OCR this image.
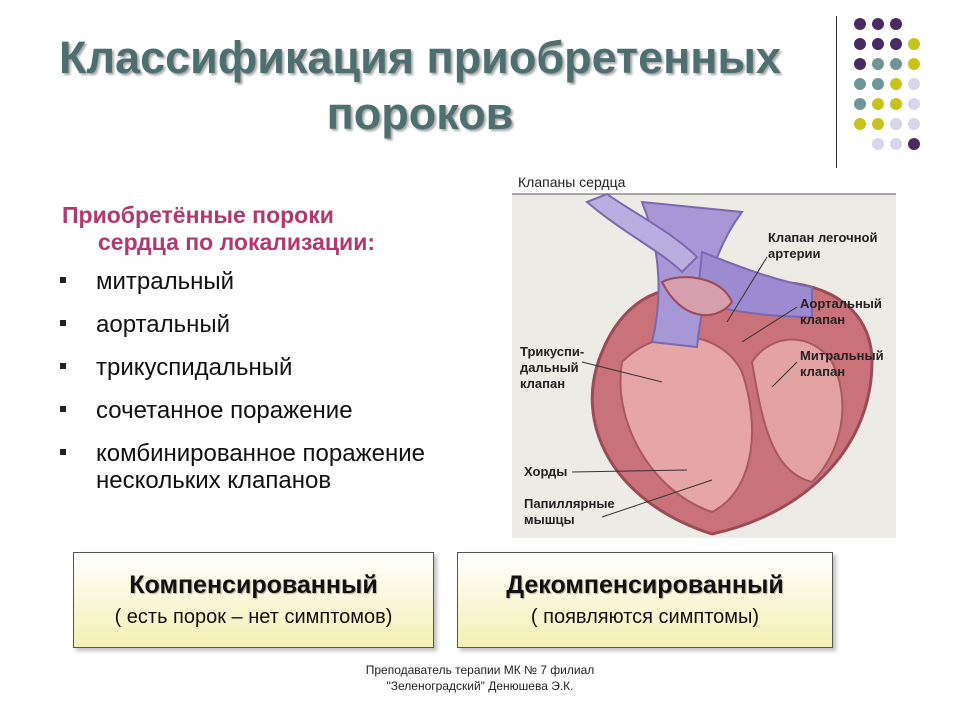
Классификация приобретенных
пороков
Приобретённые пороки
сердца по локализации:
митральный
аортальный
трикуспидальный
сочетанное поражение
комбинированное поражение нескольких клапанов
Клапаны сердца
Клапан легочной артерии
Аортальный клапан
Митральный клапан
Трикуспи-дальный клапан
Хорды
Папиллярные мышцы
Компенсированный
( есть порок – нет симптомов)
Декомпенсированный
( появляются симптомы)
Преподаватель терапии МК № 7 филиал
"Зеленоградский" Денюшева Э.К.
